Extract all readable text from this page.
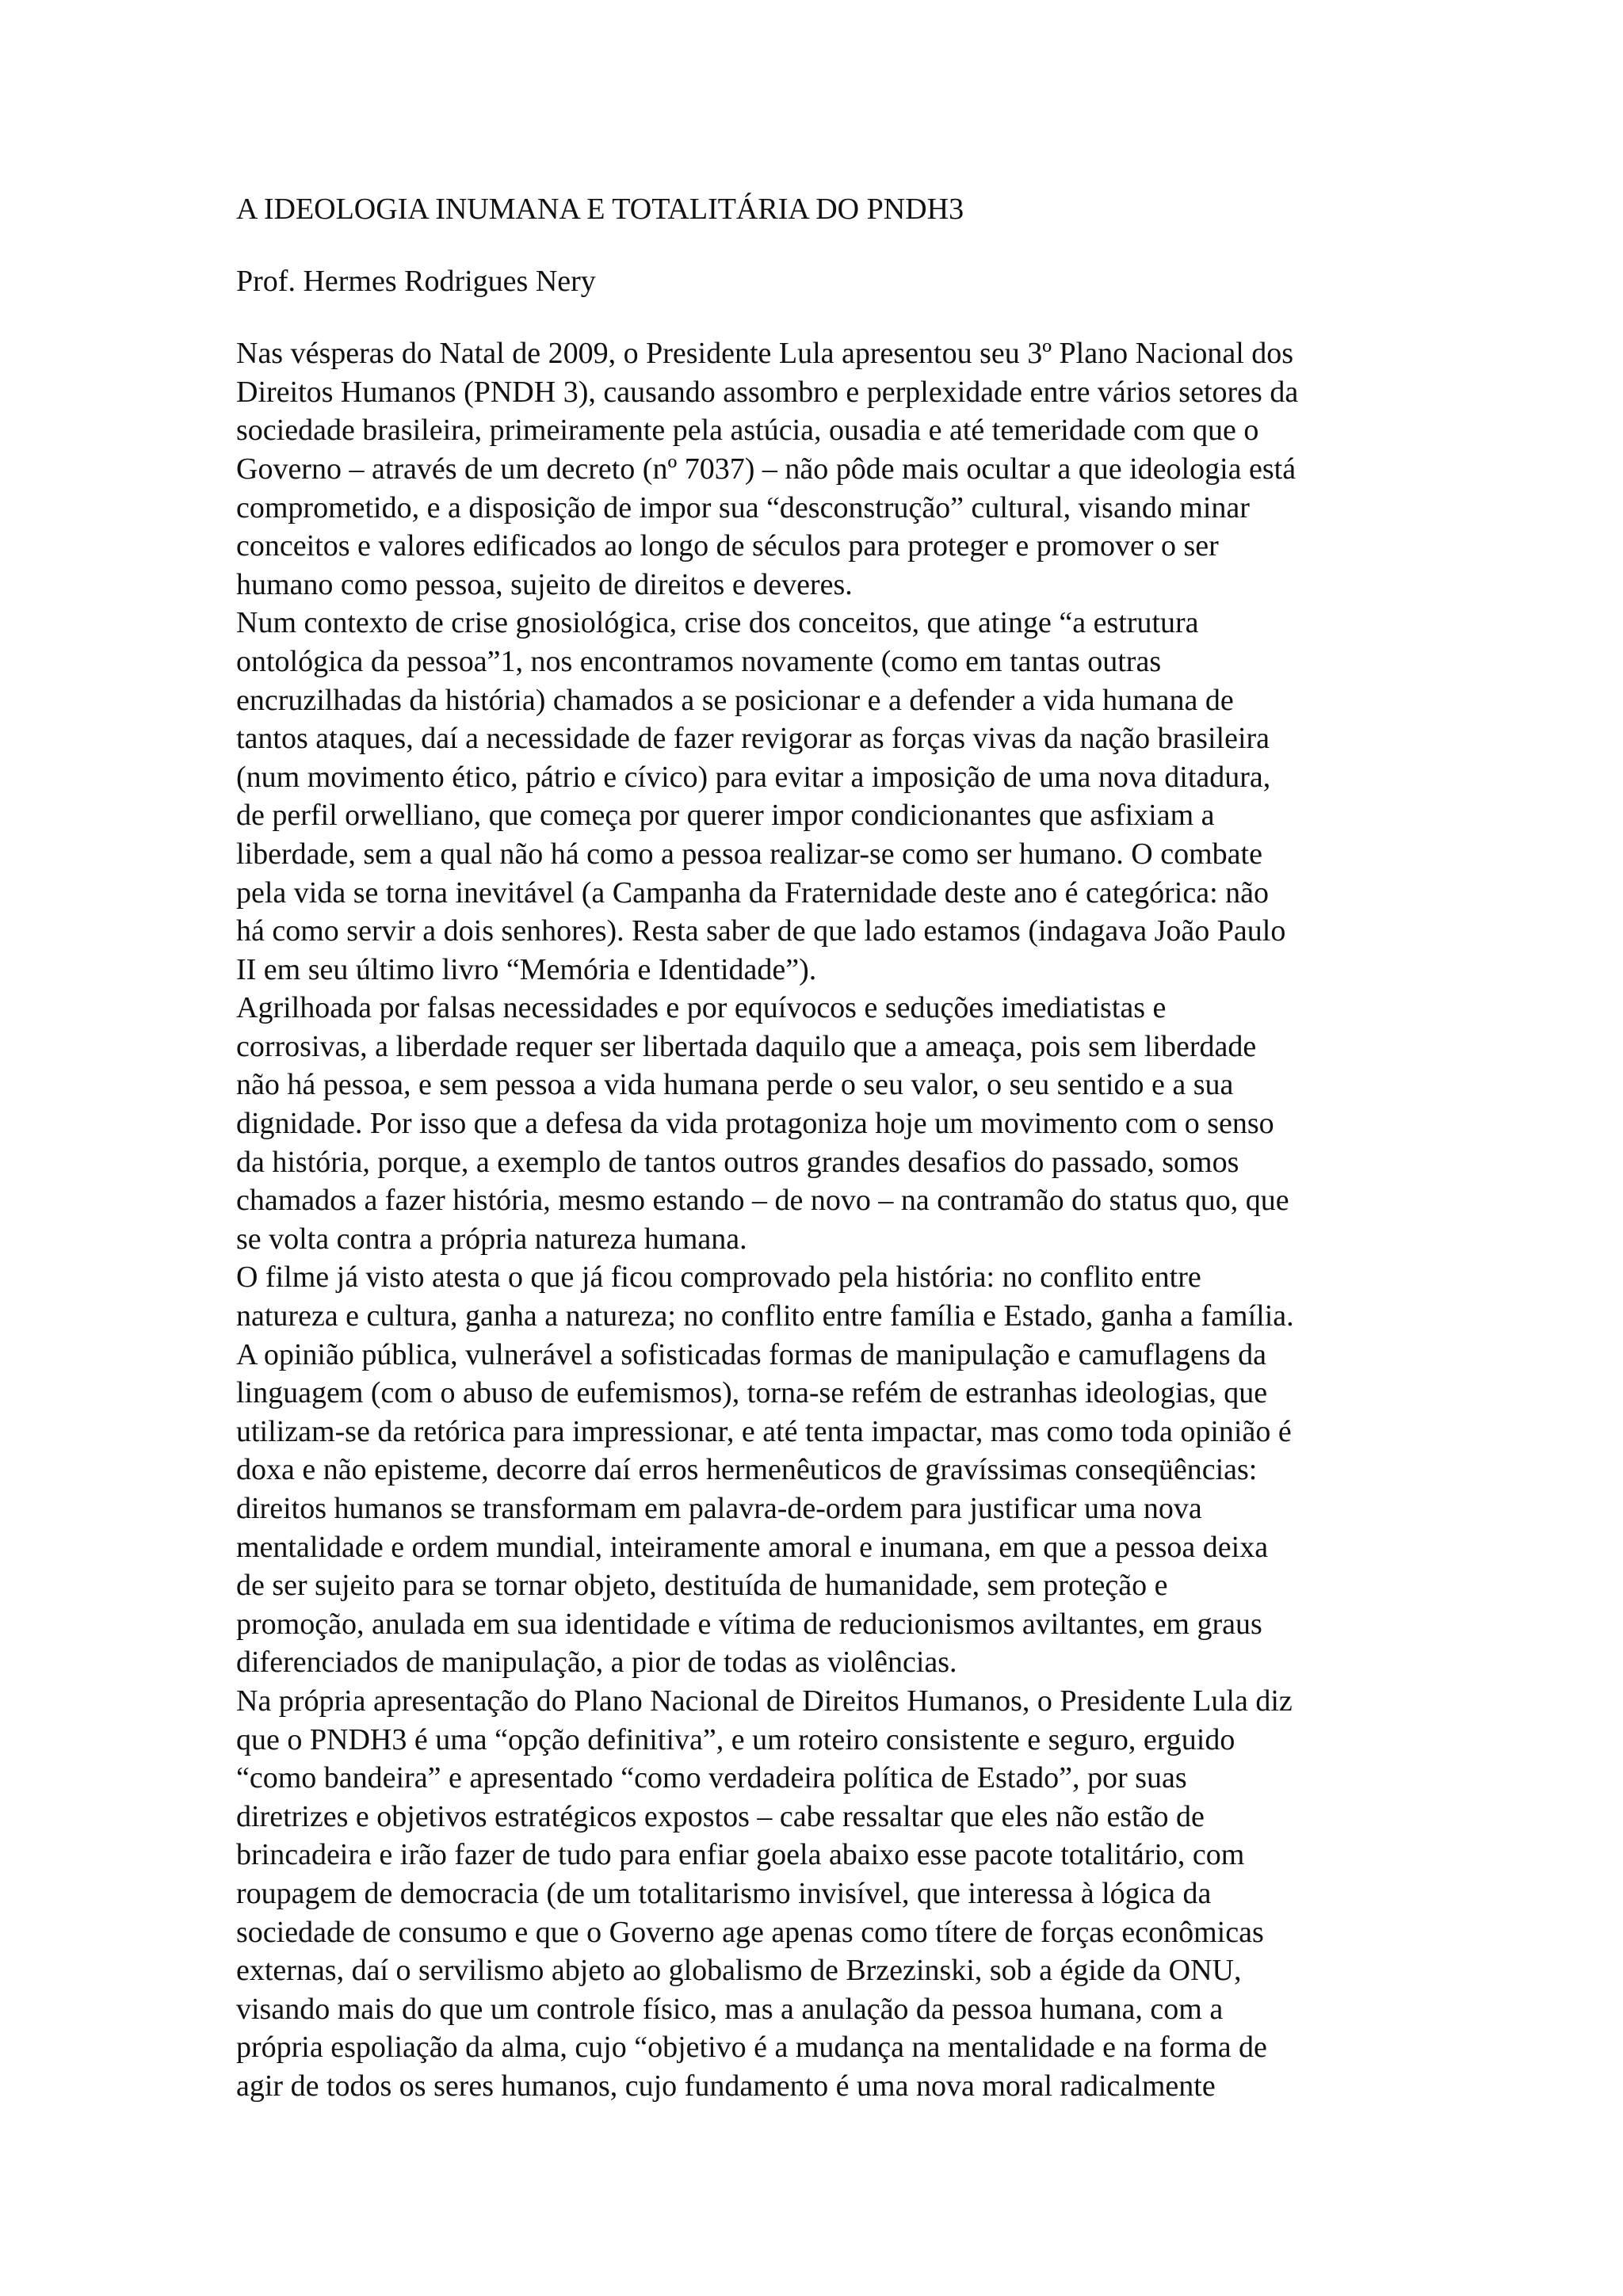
A IDEOLOGIA INUMANA E TOTALITÁRIA DO PNDH3
Prof. Hermes Rodrigues Nery
Nas vésperas do Natal de 2009, o Presidente Lula apresentou seu 3º Plano Nacional dos
Direitos Humanos (PNDH 3), causando assombro e perplexidade entre vários setores da
sociedade brasileira, primeiramente pela astúcia, ousadia e até temeridade com que o
Governo – através de um decreto (nº 7037) – não pôde mais ocultar a que ideologia está
comprometido, e a disposição de impor sua “desconstrução” cultural, visando minar
conceitos e valores edificados ao longo de séculos para proteger e promover o ser
humano como pessoa, sujeito de direitos e deveres.
Num contexto de crise gnosiológica, crise dos conceitos, que atinge “a estrutura
ontológica da pessoa”1, nos encontramos novamente (como em tantas outras
encruzilhadas da história) chamados a se posicionar e a defender a vida humana de
tantos ataques, daí a necessidade de fazer revigorar as forças vivas da nação brasileira
(num movimento ético, pátrio e cívico) para evitar a imposição de uma nova ditadura,
de perfil orwelliano, que começa por querer impor condicionantes que asfixiam a
liberdade, sem a qual não há como a pessoa realizar-se como ser humano. O combate
pela vida se torna inevitável (a Campanha da Fraternidade deste ano é categórica: não
há como servir a dois senhores). Resta saber de que lado estamos (indagava João Paulo
II em seu último livro “Memória e Identidade”).
Agrilhoada por falsas necessidades e por equívocos e seduções imediatistas e
corrosivas, a liberdade requer ser libertada daquilo que a ameaça, pois sem liberdade
não há pessoa, e sem pessoa a vida humana perde o seu valor, o seu sentido e a sua
dignidade. Por isso que a defesa da vida protagoniza hoje um movimento com o senso
da história, porque, a exemplo de tantos outros grandes desafios do passado, somos
chamados a fazer história, mesmo estando – de novo – na contramão do status quo, que
se volta contra a própria natureza humana.
O filme já visto atesta o que já ficou comprovado pela história: no conflito entre
natureza e cultura, ganha a natureza; no conflito entre família e Estado, ganha a família.
A opinião pública, vulnerável a sofisticadas formas de manipulação e camuflagens da
linguagem (com o abuso de eufemismos), torna-se refém de estranhas ideologias, que
utilizam-se da retórica para impressionar, e até tenta impactar, mas como toda opinião é
doxa e não episteme, decorre daí erros hermenêuticos de gravíssimas conseqüências:
direitos humanos se transformam em palavra-de-ordem para justificar uma nova
mentalidade e ordem mundial, inteiramente amoral e inumana, em que a pessoa deixa
de ser sujeito para se tornar objeto, destituída de humanidade, sem proteção e
promoção, anulada em sua identidade e vítima de reducionismos aviltantes, em graus
diferenciados de manipulação, a pior de todas as violências.
Na própria apresentação do Plano Nacional de Direitos Humanos, o Presidente Lula diz
que o PNDH3 é uma “opção definitiva”, e um roteiro consistente e seguro, erguido
“como bandeira” e apresentado “como verdadeira política de Estado”, por suas
diretrizes e objetivos estratégicos expostos – cabe ressaltar que eles não estão de
brincadeira e irão fazer de tudo para enfiar goela abaixo esse pacote totalitário, com
roupagem de democracia (de um totalitarismo invisível, que interessa à lógica da
sociedade de consumo e que o Governo age apenas como títere de forças econômicas
externas, daí o servilismo abjeto ao globalismo de Brzezinski, sob a égide da ONU,
visando mais do que um controle físico, mas a anulação da pessoa humana, com a
própria espoliação da alma, cujo “objetivo é a mudança na mentalidade e na forma de
agir de todos os seres humanos, cujo fundamento é uma nova moral radicalmente
